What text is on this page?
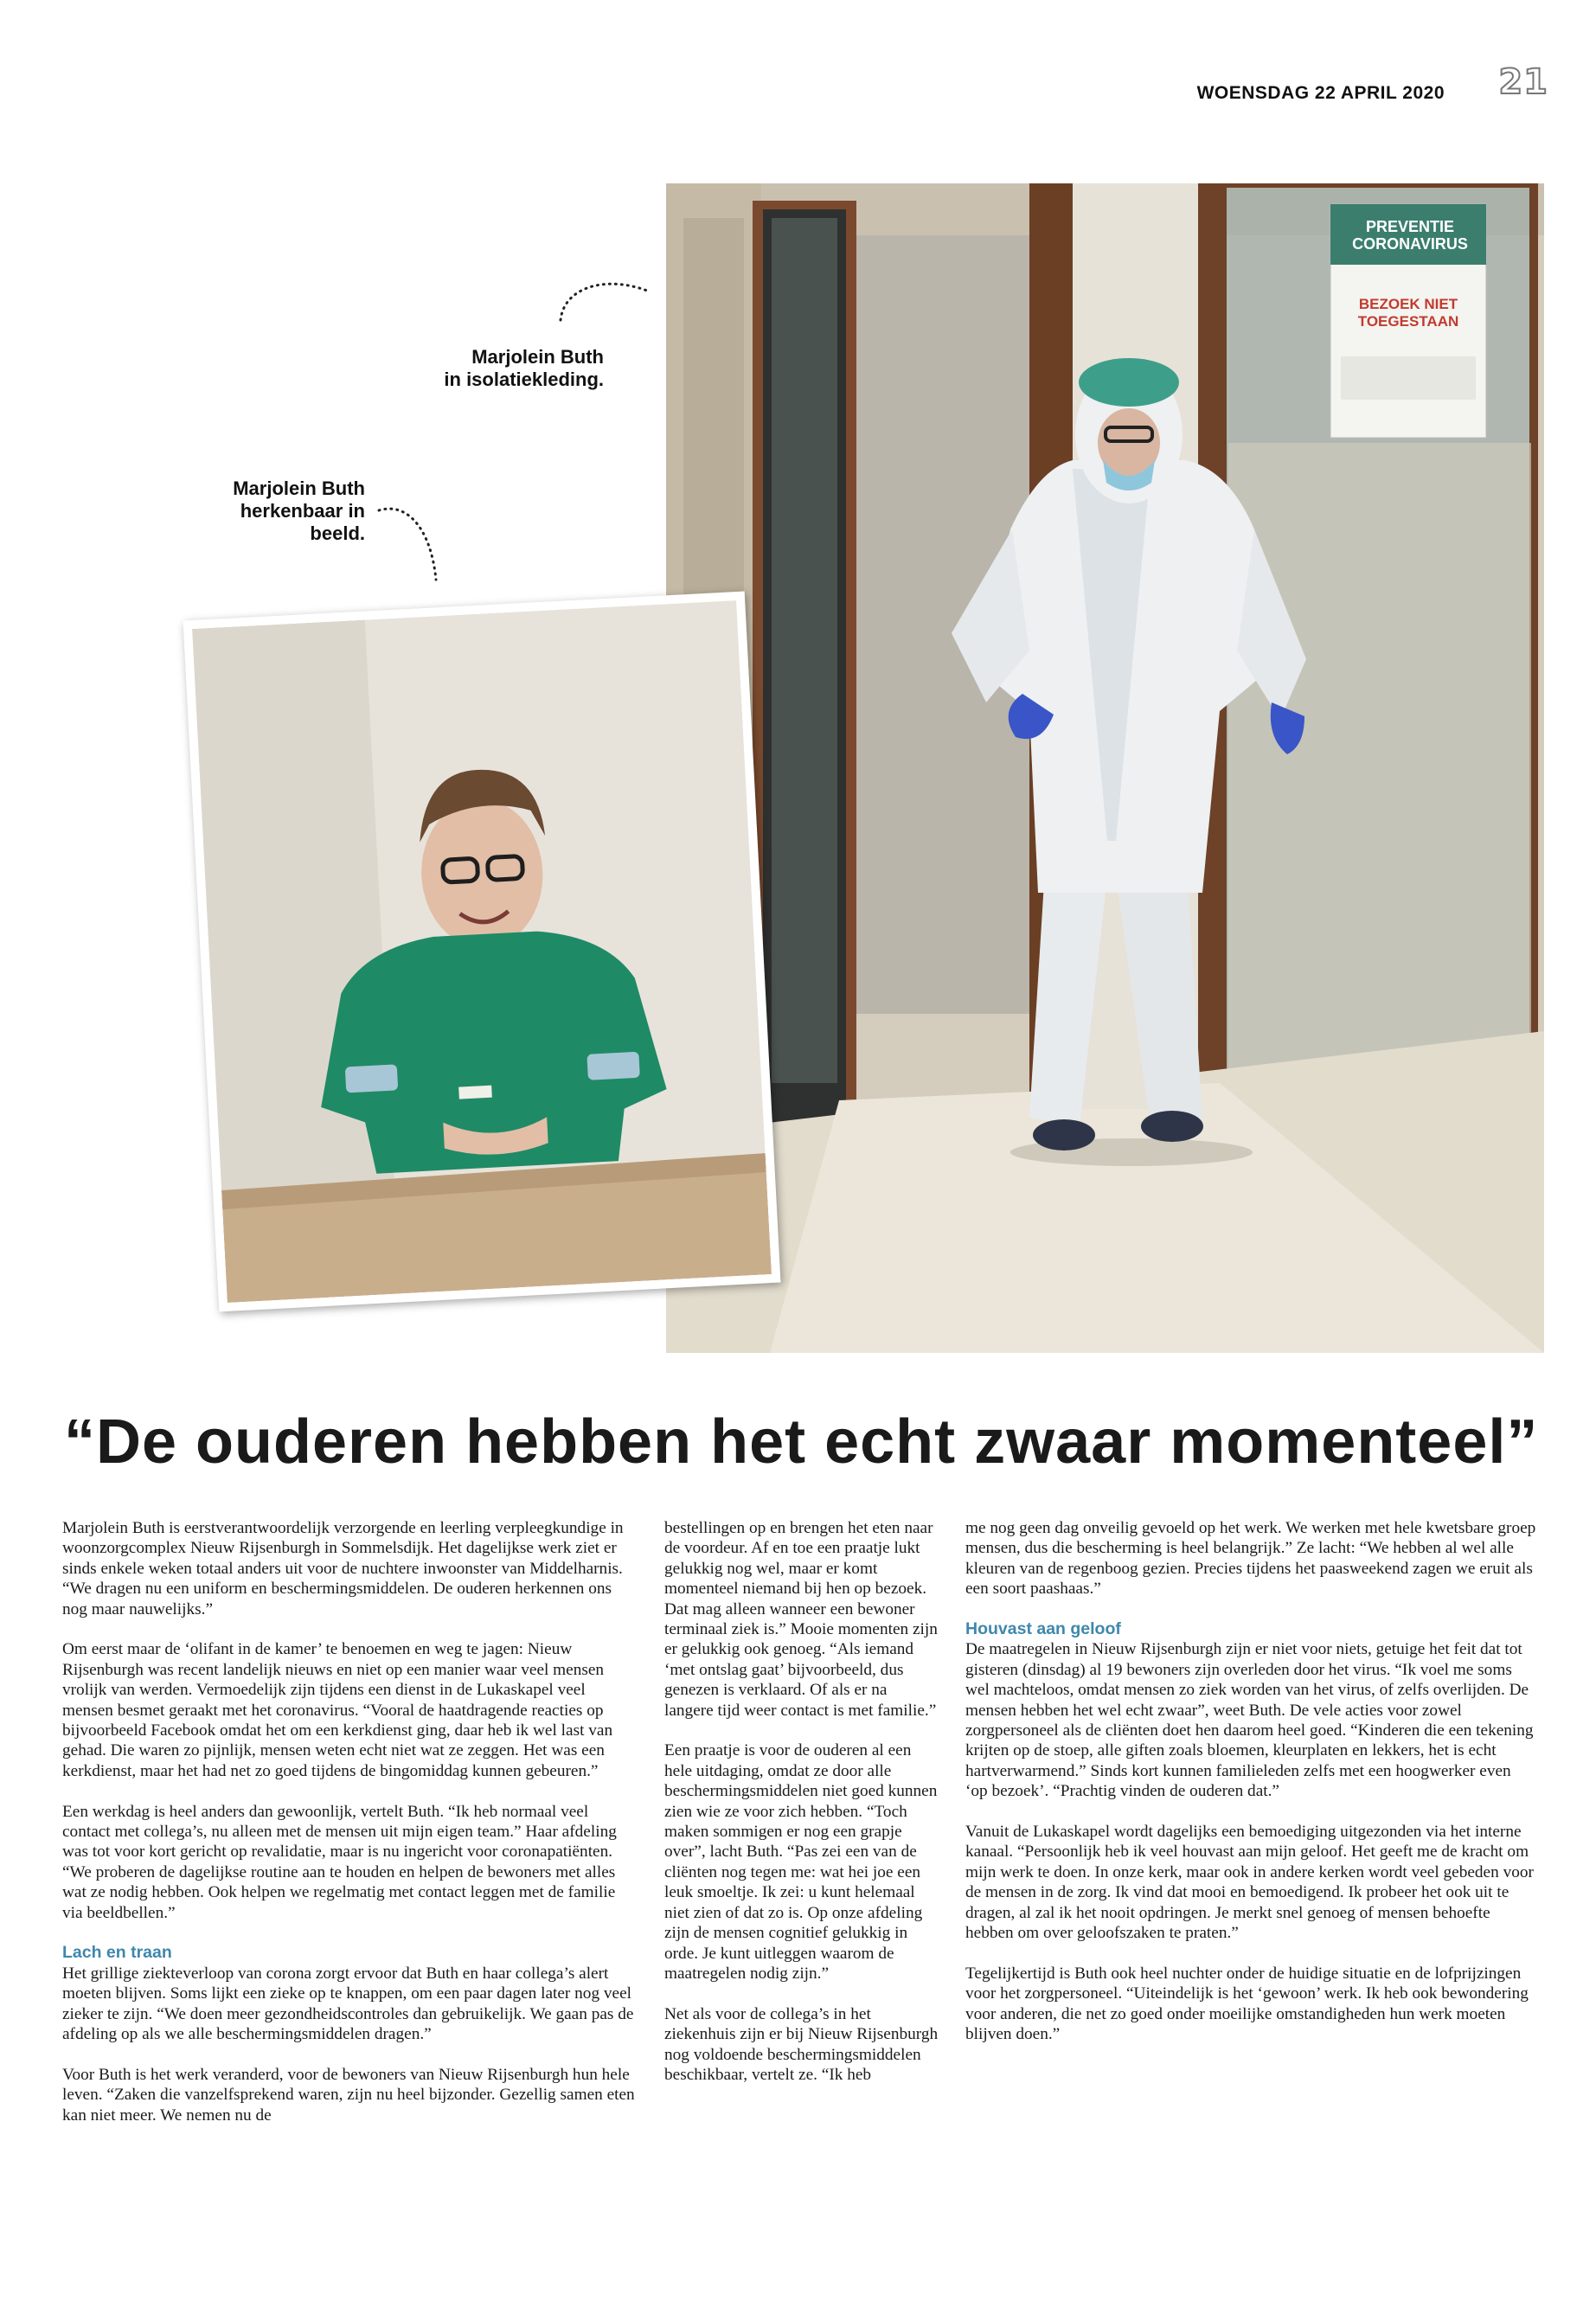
WOENSDAG 22 APRIL 2020	21
Marjolein Buth
in isolatiekleding.
Marjolein Buth
herkenbaar in
beeld.
PREVENTIE
CORONAVIRUS
BEZOEK NIET
TOEGESTAAN
“De ouderen hebben het echt zwaar momenteel”

Marjolein Buth is eerstverantwoordelijk verzorgende en leerling verpleegkundige in woonzorgcomplex Nieuw Rijsenburgh in Sommelsdijk. Het dagelijkse werk ziet er sinds enkele weken totaal anders uit voor de nuchtere inwoonster van Middelharnis. “We dragen nu een uniform en beschermingsmiddelen. De ouderen herkennen ons nog maar nauwelijks.”

Om eerst maar de ‘olifant in de kamer’ te benoemen en weg te jagen: Nieuw Rijsenburgh was recent landelijk nieuws en niet op een manier waar veel mensen vrolijk van werden. Vermoedelijk zijn tijdens een dienst in de Lukaskapel veel mensen besmet geraakt met het coronavirus. “Vooral de haatdragende reacties op bijvoorbeeld Facebook omdat het om een kerkdienst ging, daar heb ik wel last van gehad. Die waren zo pijnlijk, mensen weten echt niet wat ze zeggen. Het was een kerkdienst, maar het had net zo goed tijdens de bingomiddag kunnen gebeuren.”

Een werkdag is heel anders dan gewoonlijk, vertelt Buth. “Ik heb normaal veel contact met collega’s, nu alleen met de mensen uit mijn eigen team.” Haar afdeling was tot voor kort gericht op revalidatie, maar is nu ingericht voor coronapatiënten. “We proberen de dagelijkse routine aan te houden en helpen de bewoners met alles wat ze nodig hebben. Ook helpen we regelmatig met contact leggen met de familie via beeldbellen.”

Lach en traan

Het grillige ziekteverloop van corona zorgt ervoor dat Buth en haar collega’s alert moeten blijven. Soms lijkt een zieke op te knappen, om een paar dagen later nog veel zieker te zijn. “We doen meer gezondheidscontroles dan gebruikelijk. We gaan pas de afdeling op als we alle beschermingsmiddelen dragen.”

Voor Buth is het werk veranderd, voor de bewoners van Nieuw Rijsenburgh hun hele leven. “Zaken die vanzelfsprekend waren, zijn nu heel bijzonder. Gezellig samen eten kan niet meer. We nemen nu de

bestellingen op en brengen het eten naar de voordeur. Af en toe een praatje lukt gelukkig nog wel, maar er komt momenteel niemand bij hen op bezoek. Dat mag alleen wanneer een bewoner terminaal ziek is.” Mooie momenten zijn er gelukkig ook genoeg. “Als iemand ‘met ontslag gaat’ bijvoorbeeld, dus genezen is verklaard. Of als er na langere tijd weer contact is met familie.”

Een praatje is voor de ouderen al een hele uitdaging, omdat ze door alle beschermingsmiddelen niet goed kunnen zien wie ze voor zich hebben. “Toch maken sommigen er nog een grapje over”, lacht Buth. “Pas zei een van de cliënten nog tegen me: wat hei joe een leuk smoeltje. Ik zei: u kunt helemaal niet zien of dat zo is. Op onze afdeling zijn de mensen cognitief gelukkig in orde. Je kunt uitleggen waarom de maatregelen nodig zijn.”

Net als voor de collega’s in het ziekenhuis zijn er bij Nieuw Rijsenburgh nog voldoende beschermingsmiddelen beschikbaar, vertelt ze. “Ik heb

me nog geen dag onveilig gevoeld op het werk. We werken met hele kwetsbare groep mensen, dus die bescherming is heel belangrijk.” Ze lacht: “We hebben al wel alle kleuren van de regenboog gezien. Precies tijdens het paasweekend zagen we eruit als een soort paashaas.”

Houvast aan geloof

De maatregelen in Nieuw Rijsenburgh zijn er niet voor niets, getuige het feit dat tot gisteren (dinsdag) al 19 bewoners zijn overleden door het virus. “Ik voel me soms wel machteloos, omdat mensen zo ziek worden van het virus, of zelfs overlijden. De mensen hebben het wel echt zwaar”, weet Buth. De vele acties voor zowel zorgpersoneel als de cliënten doet hen daarom heel goed. “Kinderen die een tekening krijten op de stoep, alle giften zoals bloemen, kleurplaten en lekkers, het is echt hartverwarmend.” Sinds kort kunnen familieleden zelfs met een hoogwerker even ‘op bezoek’. “Prachtig vinden de ouderen dat.”

Vanuit de Lukaskapel wordt dagelijks een bemoediging uitgezonden via het interne kanaal. “Persoonlijk heb ik veel houvast aan mijn geloof. Het geeft me de kracht om mijn werk te doen. In onze kerk, maar ook in andere kerken wordt veel gebeden voor de mensen in de zorg. Ik vind dat mooi en bemoedigend. Ik probeer het ook uit te dragen, al zal ik het nooit opdringen. Je merkt snel genoeg of mensen behoefte hebben om over geloofszaken te praten.”

Tegelijkertijd is Buth ook heel nuchter onder de huidige situatie en de lofprijzingen voor het zorgpersoneel. “Uiteindelijk is het ‘gewoon’ werk. Ik heb ook bewondering voor anderen, die net zo goed onder moeilijke omstandigheden hun werk moeten blijven doen.”
